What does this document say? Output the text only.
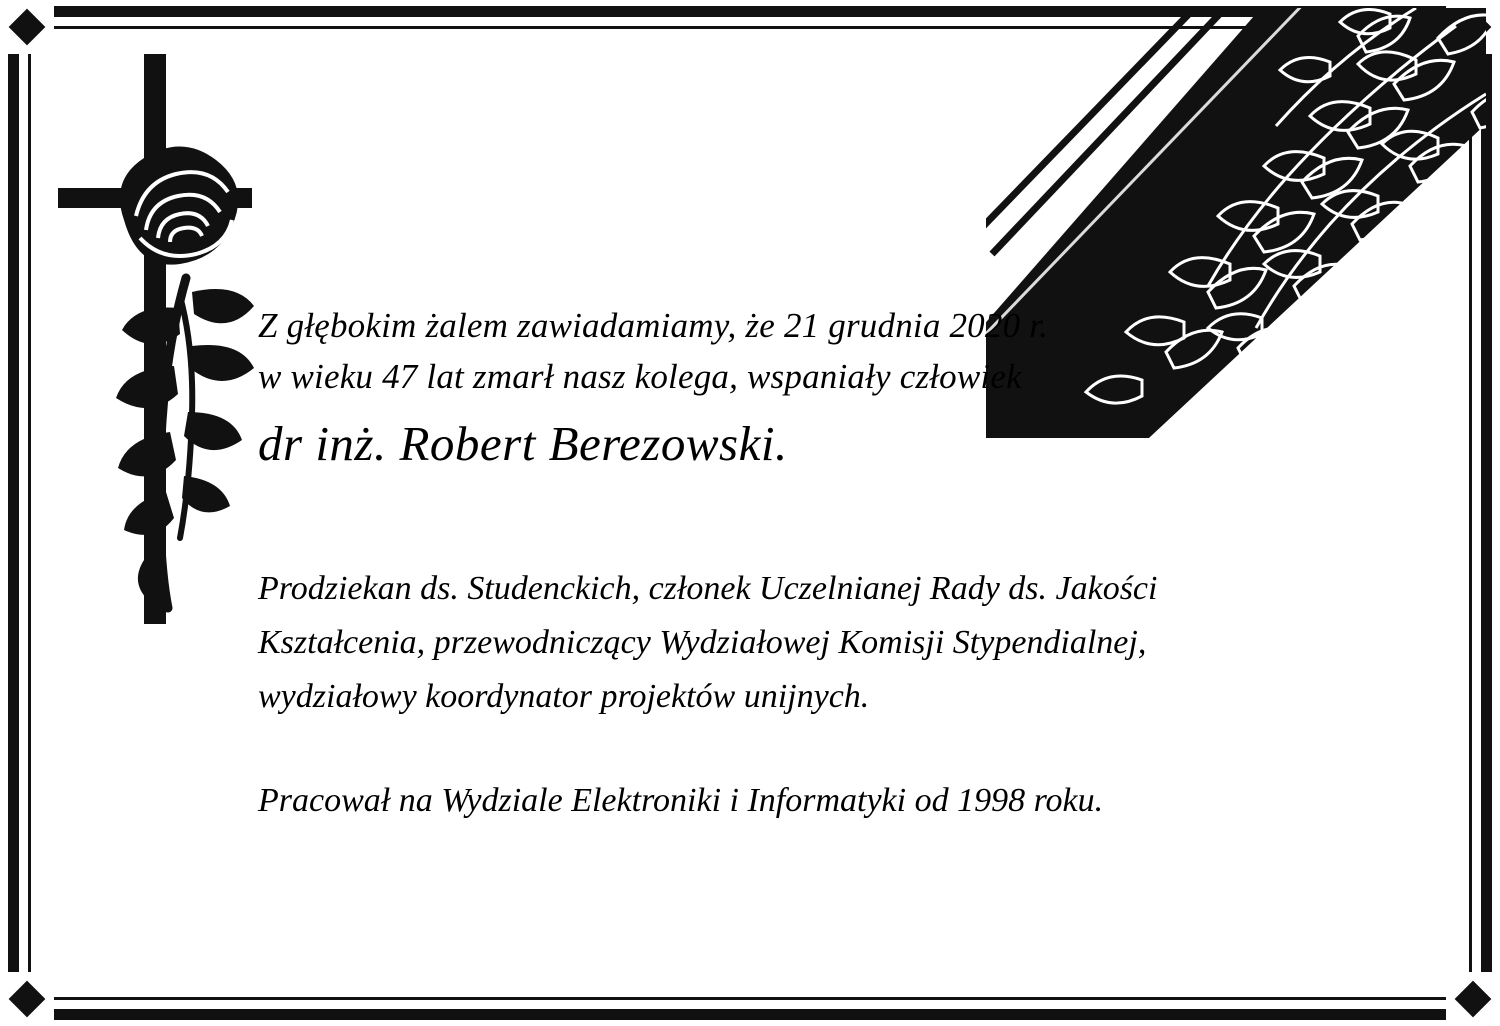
Z głębokim żalem zawiadamiamy, że 21 grudnia 2020 r.
w wieku 47 lat zmarł nasz kolega, wspaniały człowiek
dr inż. Robert Berezowski.
Prodziekan ds. Studenckich, członek Uczelnianej Rady ds. Jakości
Kształcenia, przewodniczący Wydziałowej Komisji Stypendialnej,
wydziałowy koordynator projektów unijnych.
Pracował na Wydziale Elektroniki i Informatyki od 1998 roku.
